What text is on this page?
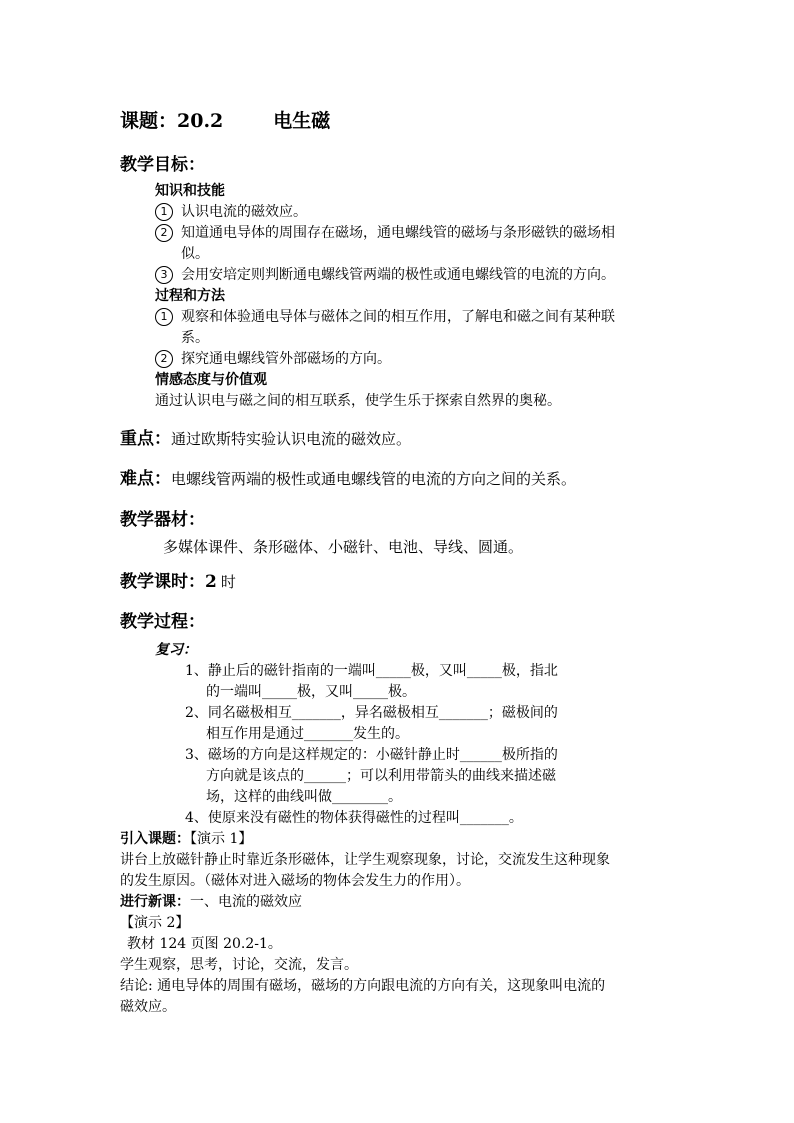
课题：20.2	电生磁
教学目标：
知识和技能
1 认识电流的磁效应。
2 知道通电导体的周围存在磁场，通电螺线管的磁场与条形磁铁的磁场相
似。
3 会用安培定则判断通电螺线管两端的极性或通电螺线管的电流的方向。
过程和方法
1 观察和体验通电导体与磁体之间的相互作用，了解电和磁之间有某种联
系。
2 探究通电螺线管外部磁场的方向。
情感态度与价值观
通过认识电与磁之间的相互联系，使学生乐于探索自然界的奥秘。
重点：通过欧斯特实验认识电流的磁效应。
难点：电螺线管两端的极性或通电螺线管的电流的方向之间的关系。
教学器材：
多媒体课件、条形磁体、小磁针、电池、导线、圆通。
教学课时：2 时
教学过程：
复习：
1、静止后的磁针指南的一端叫_____极，又叫_____极，指北
的一端叫_____极，又叫_____极。
2、同名磁极相互_______，异名磁极相互_______；磁极间的
相互作用是通过_______发生的。
3、磁场的方向是这样规定的：小磁针静止时______极所指的
方向就是该点的______；可以利用带箭头的曲线来描述磁
场，这样的曲线叫做________。
4、使原来没有磁性的物体获得磁性的过程叫_______。
引入课题：【演示 1】
讲台上放磁针静止时靠近条形磁体，让学生观察现象，讨论，交流发生这种现象
的发生原因。（磁体对进入磁场的物体会发生力的作用）。
进行新课：一、电流的磁效应
【演示 2】
教材 124 页图 20.2-1。
学生观察，思考，讨论，交流，发言。
结论: 通电导体的周围有磁场，磁场的方向跟电流的方向有关，这现象叫电流的
磁效应。
